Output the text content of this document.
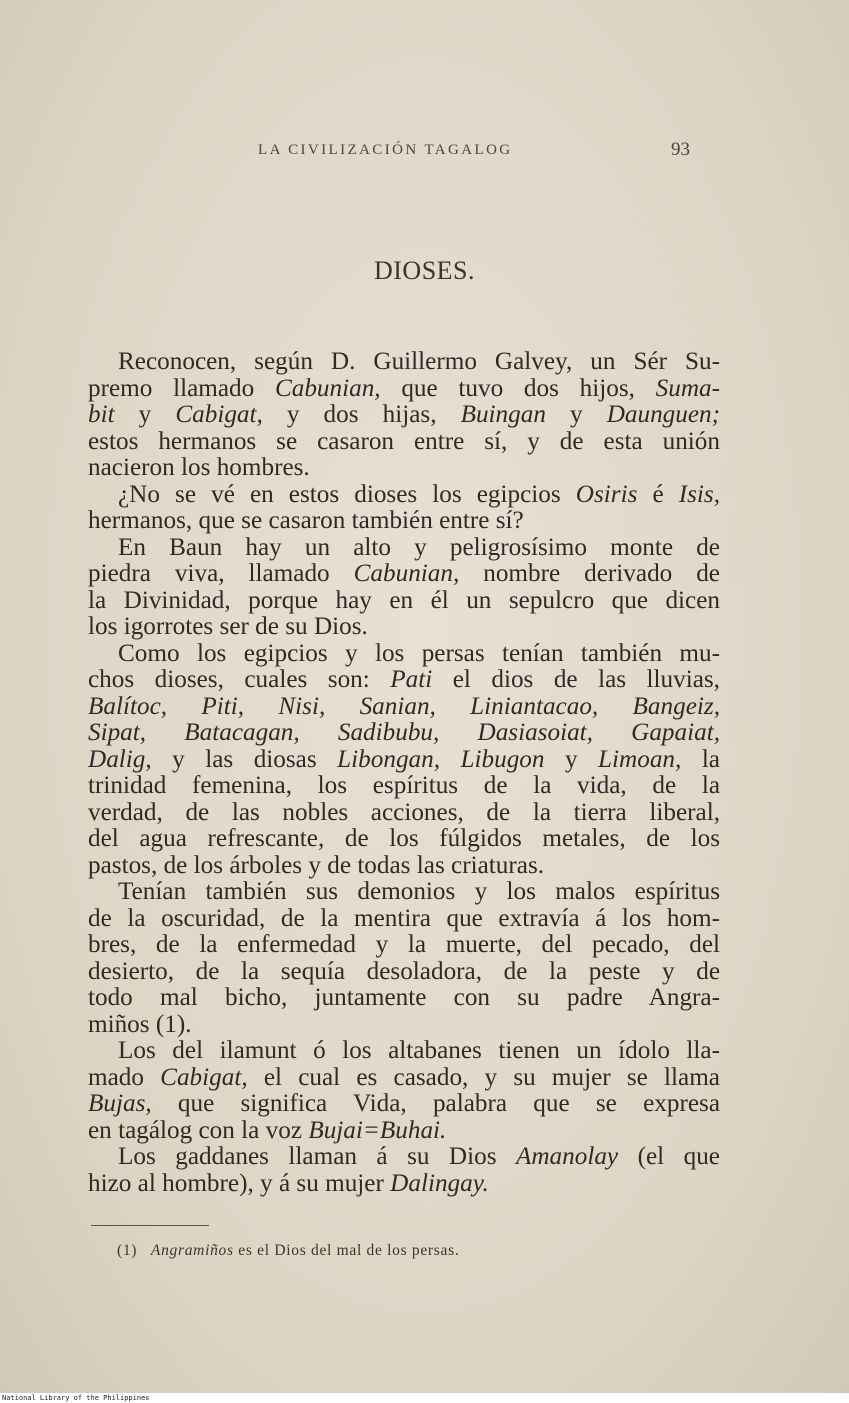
LA CIVILIZACIÓN TAGALOG	93
DIOSES.
Reconocen, según D. Guillermo Galvey, un Sér Su-
premo llamado Cabunian, que tuvo dos hijos, Suma-
bit y Cabigat, y dos hijas, Buingan y Daunguen;
estos hermanos se casaron entre sí, y de esta unión
nacieron los hombres.
¿No se vé en estos dioses los egipcios Osiris é Isis,
hermanos, que se casaron también entre sí?
En Baun hay un alto y peligrosísimo monte de
piedra viva, llamado Cabunian, nombre derivado de
la Divinidad, porque hay en él un sepulcro que dicen
los igorrotes ser de su Dios.
Como los egipcios y los persas tenían también mu-
chos dioses, cuales son: Pati el dios de las lluvias,
Balítoc, Piti, Nisi, Sanian, Liniantacao, Bangeiz,
Sipat, Batacagan, Sadibubu, Dasiasoiat, Gapaiat,
Dalig, y las diosas Libongan, Libugon y Limoan, la
trinidad femenina, los espíritus de la vida, de la
verdad, de las nobles acciones, de la tierra liberal,
del agua refrescante, de los fúlgidos metales, de los
pastos, de los árboles y de todas las criaturas.
Tenían también sus demonios y los malos espíritus
de la oscuridad, de la mentira que extravía á los hom-
bres, de la enfermedad y la muerte, del pecado, del
desierto, de la sequía desoladora, de la peste y de
todo mal bicho, juntamente con su padre Angra-
miños (1).
Los del ilamunt ó los altabanes tienen un ídolo lla-
mado Cabigat, el cual es casado, y su mujer se llama
Bujas, que significa Vida, palabra que se expresa
en tagálog con la voz Bujai=Buhai.
Los gaddanes llaman á su Dios Amanolay (el que
hizo al hombre), y á su mujer Dalingay.
(1) Angramiños es el Dios del mal de los persas.
National Library of the Philippines
